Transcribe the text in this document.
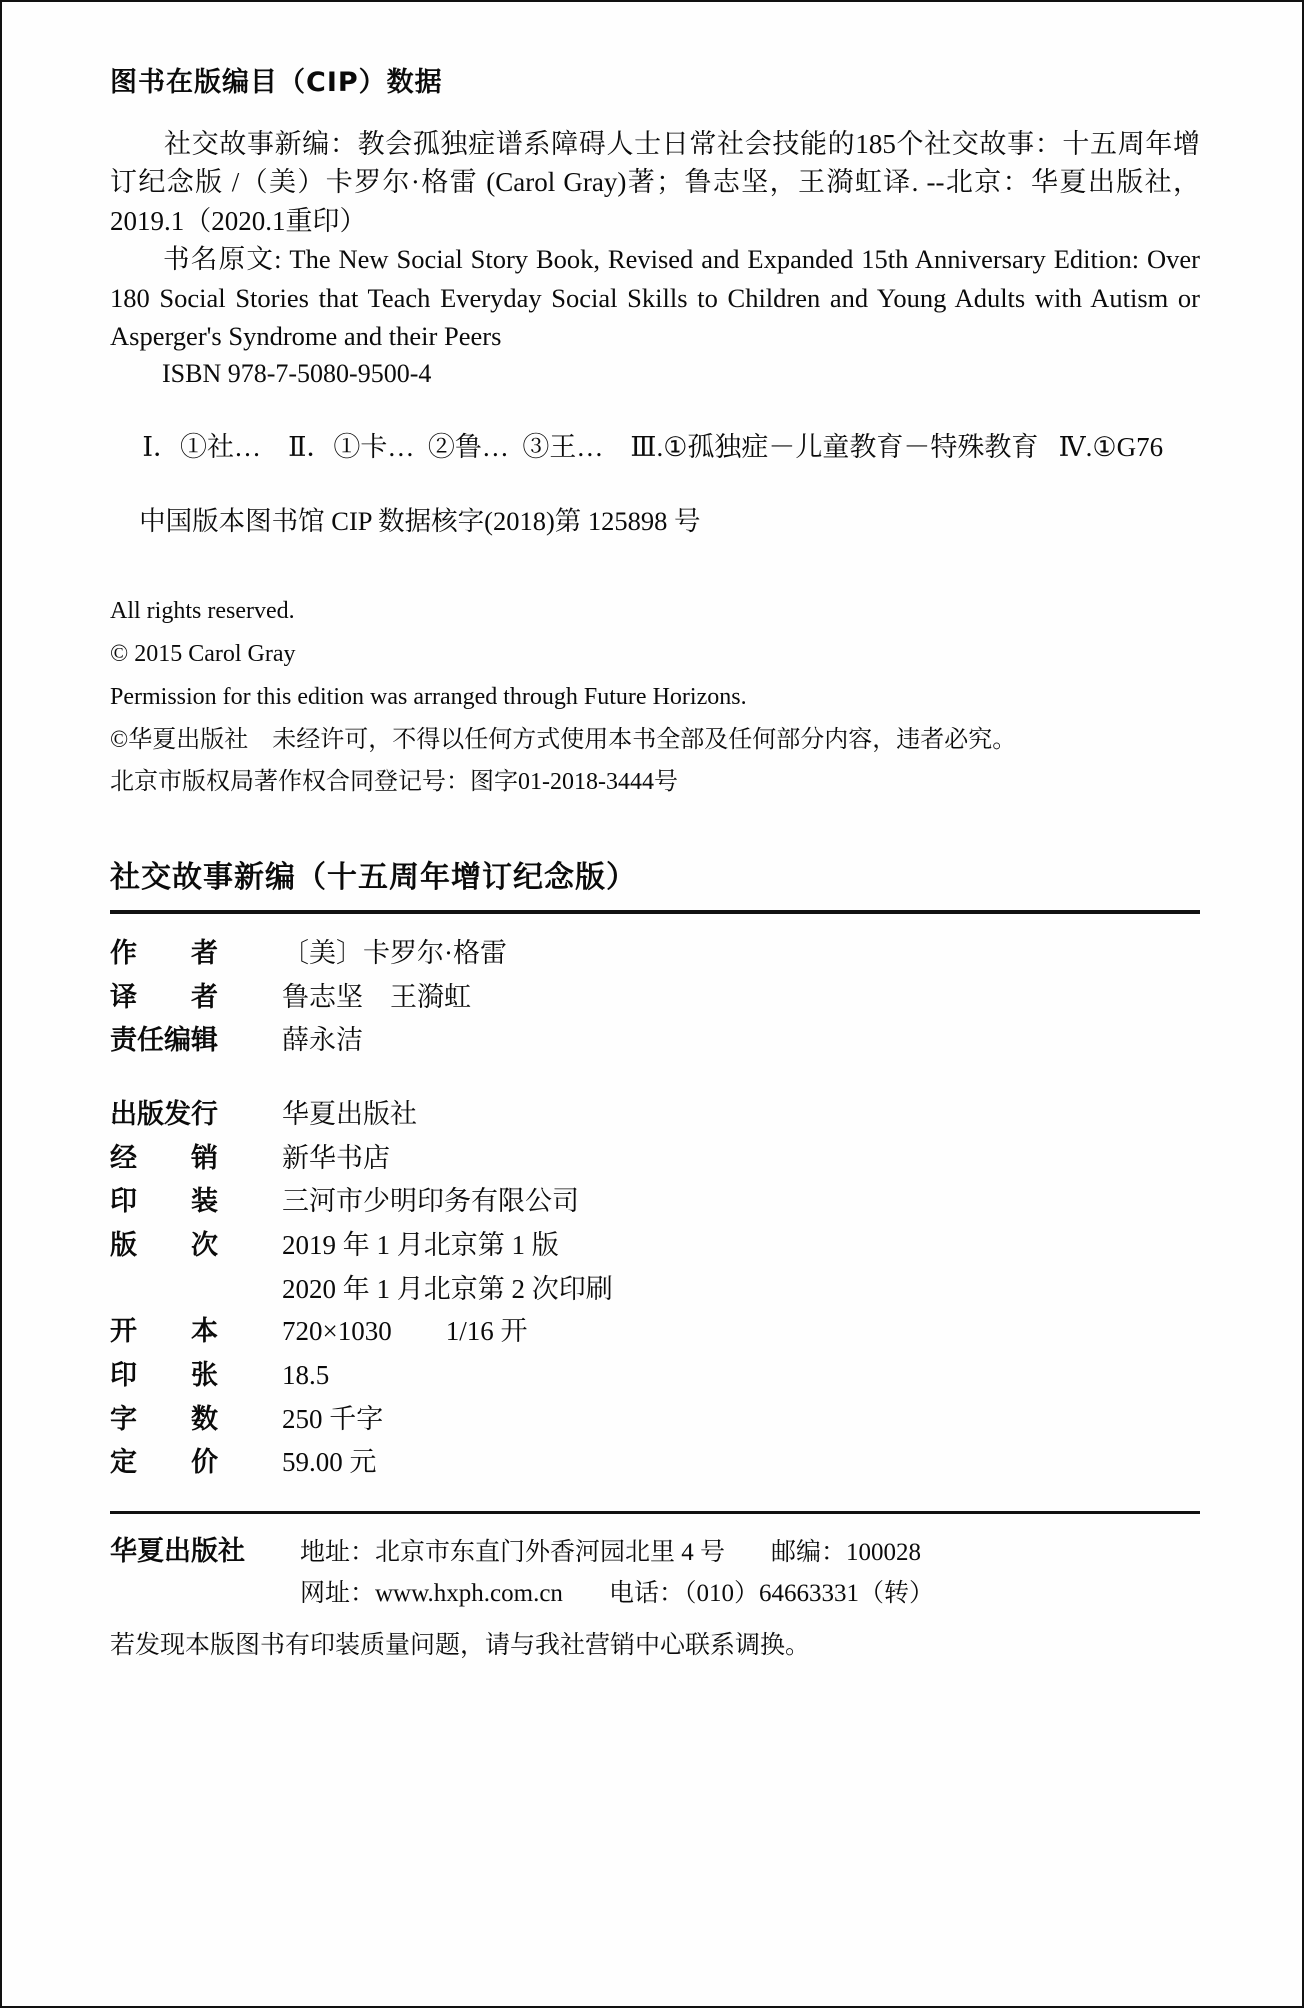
图书在版编目（CIP）数据

社交故事新编：教会孤独症谱系障碍人士日常社会技能的185个社交故事：十五周年增订纪念版 /（美）卡罗尔·格雷 (Carol Gray)著；鲁志坚，王漪虹译. --北京：华夏出版社，2019.1（2020.1重印）

书名原文: The New Social Story Book, Revised and Expanded 15th Anniversary Edition: Over 180 Social Stories that Teach Everyday Social Skills to Children and Young Adults with Autism or Asperger's Syndrome and their Peers

ISBN 978-7-5080-9500-4

Ⅰ．①社… Ⅱ．①卡… ②鲁… ③王… Ⅲ.①孤独症－儿童教育－特殊教育 Ⅳ.①G76
中国版本图书馆 CIP 数据核字(2018)第 125898 号
All rights reserved.
© 2015 Carol Gray
Permission for this edition was arranged through Future Horizons.
©华夏出版社　未经许可，不得以任何方式使用本书全部及任何部分内容，违者必究。
北京市版权局著作权合同登记号：图字01-2018-3444号
社交故事新编（十五周年增订纪念版）
作　　者	〔美〕卡罗尔·格雷
译　　者	鲁志坚　王漪虹
责任编辑	薛永洁
出版发行	华夏出版社
经　　销	新华书店
印　　装	三河市少明印务有限公司
版　　次	2019 年 1 月北京第 1 版
2020 年 1 月北京第 2 次印刷
开　　本	720×1030　　1/16 开
印　　张	18.5
字　　数	250 千字
定　　价	59.00 元
华夏出版社	地址：北京市东直门外香河园北里 4 号 邮编：100028
网址：www.hxph.com.cn 电话：（010）64663331（转）
若发现本版图书有印装质量问题，请与我社营销中心联系调换。
